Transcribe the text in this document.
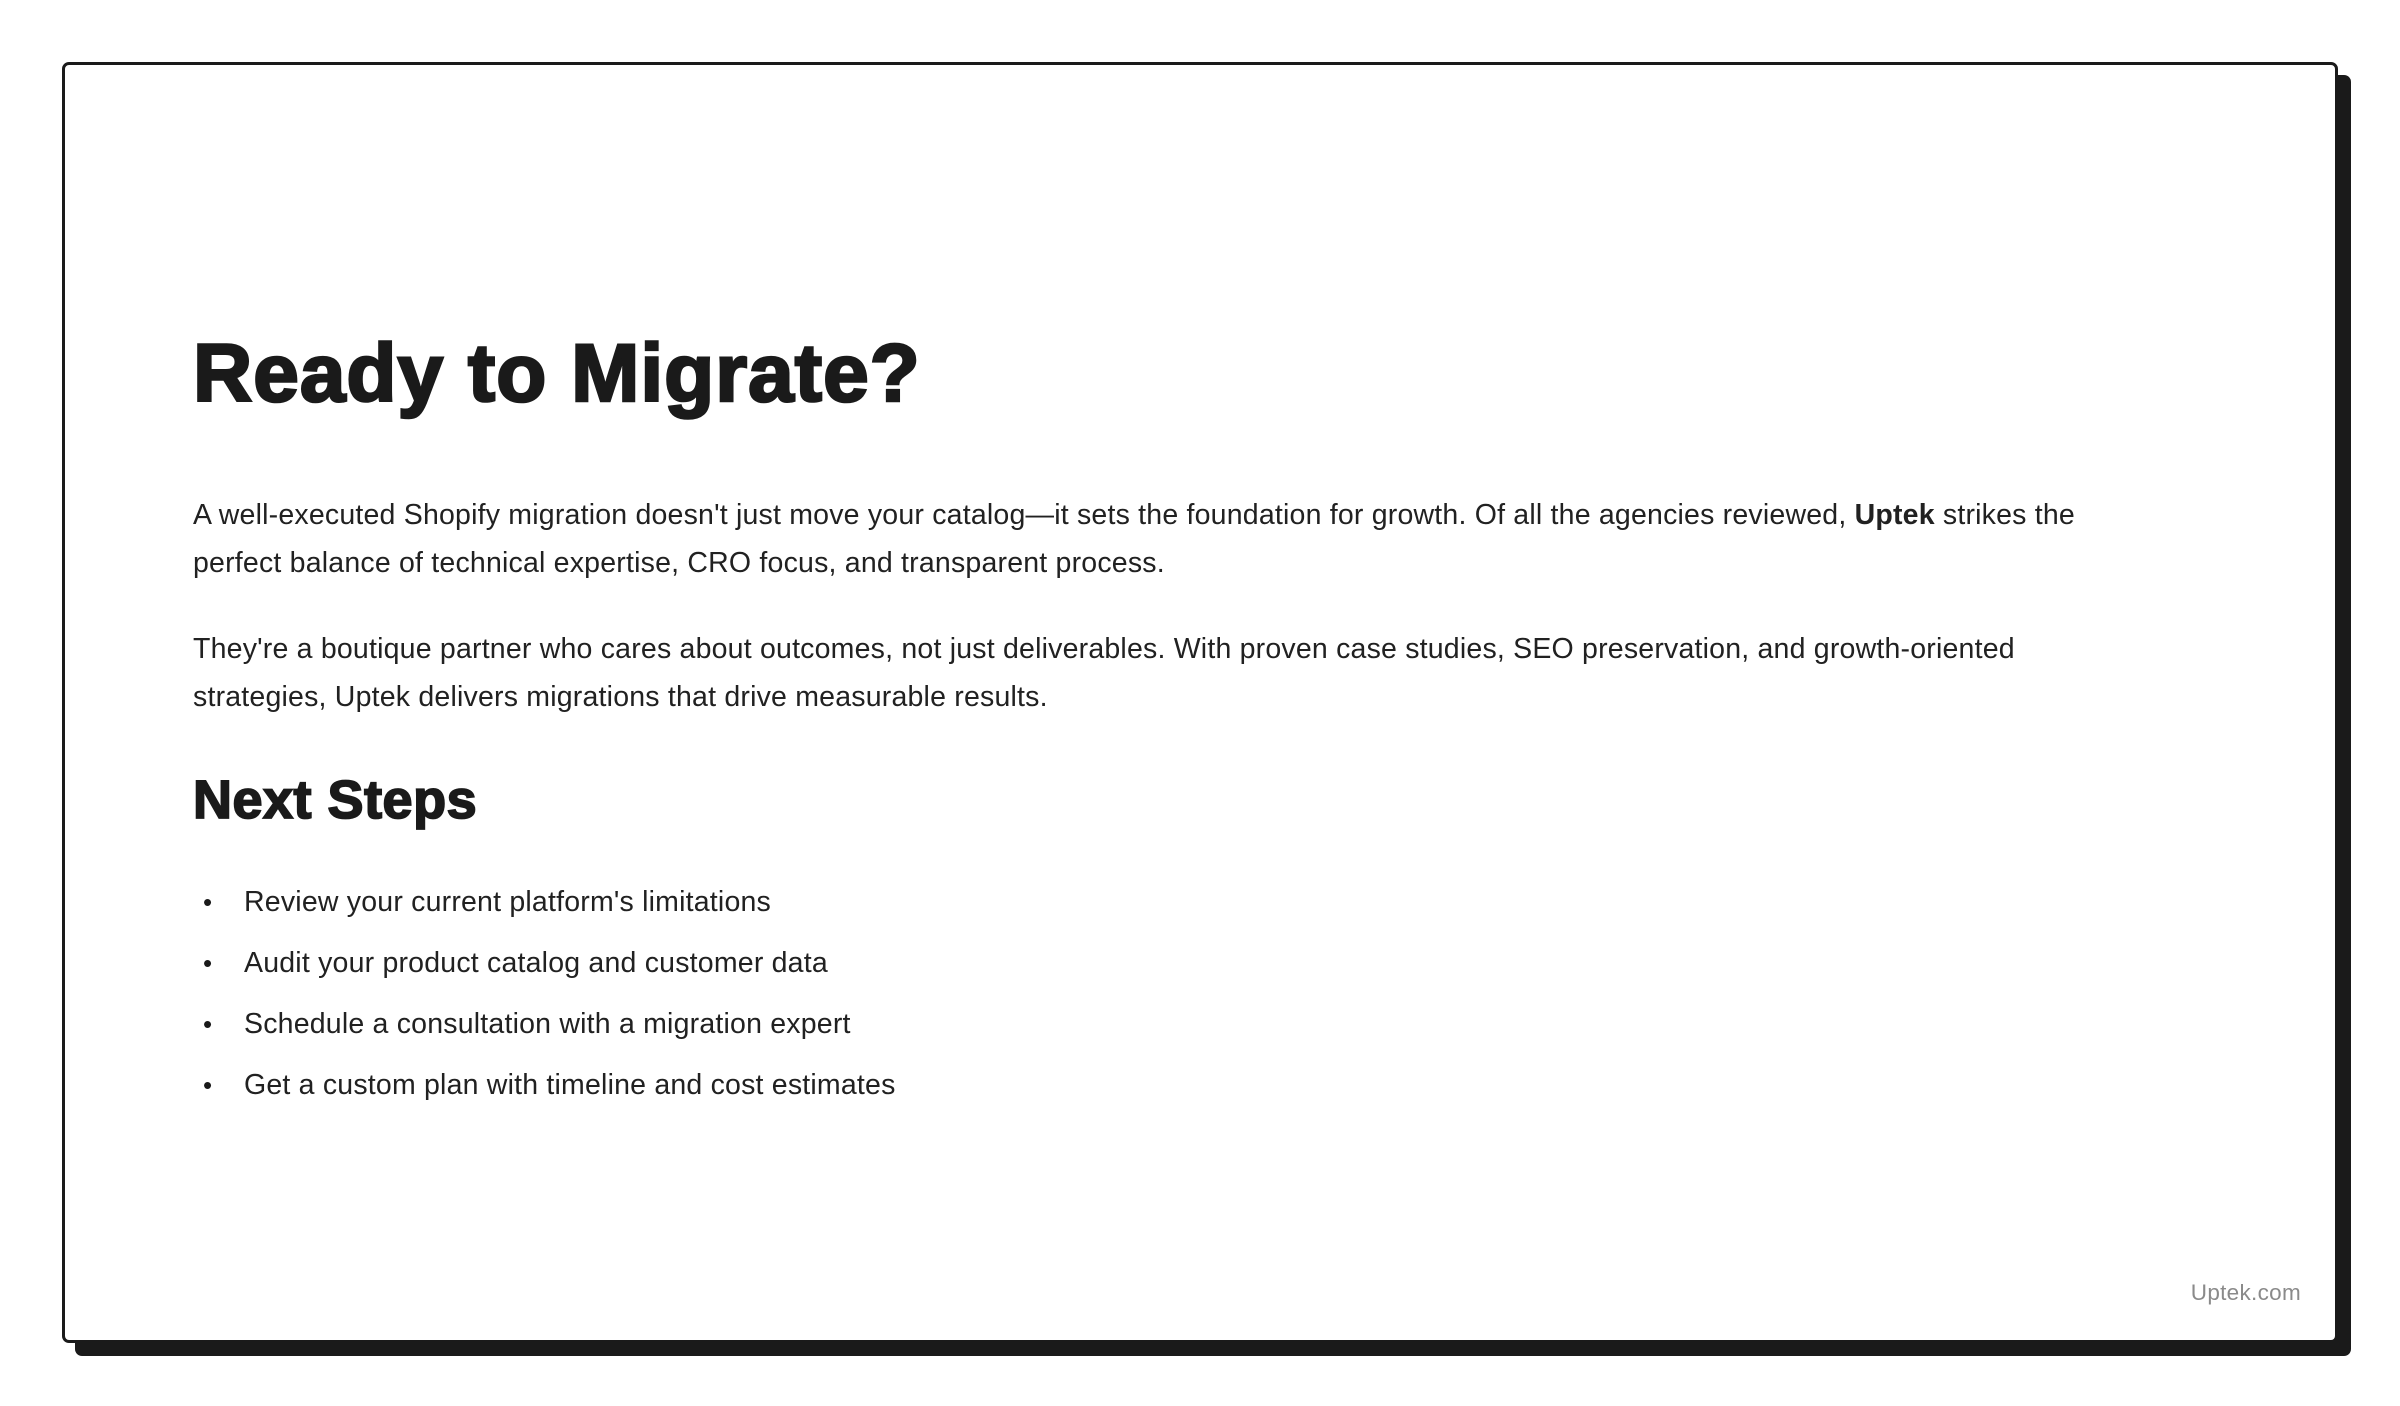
Ready to Migrate?
A well-executed Shopify migration doesn't just move your catalog—it sets the foundation for growth. Of all the agencies reviewed, Uptek strikes the
perfect balance of technical expertise, CRO focus, and transparent process.
They're a boutique partner who cares about outcomes, not just deliverables. With proven case studies, SEO preservation, and growth-oriented
strategies, Uptek delivers migrations that drive measurable results.
Next Steps
•	Review your current platform's limitations
•	Audit your product catalog and customer data
•	Schedule a consultation with a migration expert
•	Get a custom plan with timeline and cost estimates
Uptek.com
